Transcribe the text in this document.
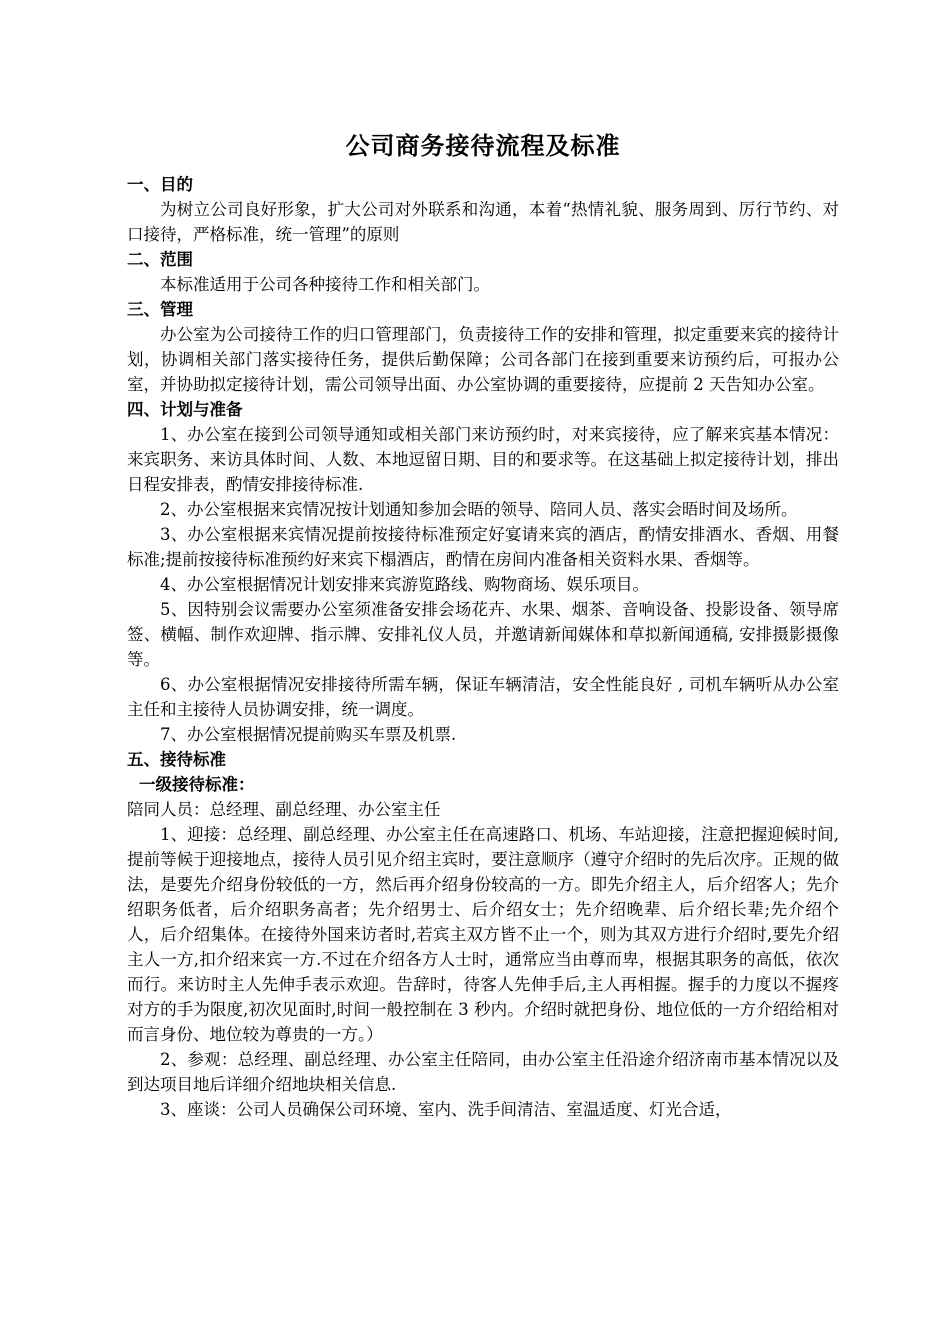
公司商务接待流程及标准
一、目的
为树立公司良好形象，扩大公司对外联系和沟通，本着“热情礼貌、服务周到、厉行节约、对口接待，严格标准，统一管理”的原则
二、范围
本标准适用于公司各种接待工作和相关部门。
三、管理
办公室为公司接待工作的归口管理部门，负责接待工作的安排和管理，拟定重要来宾的接待计划，协调相关部门落实接待任务，提供后勤保障；公司各部门在接到重要来访预约后，可报办公室，并协助拟定接待计划，需公司领导出面、办公室协调的重要接待，应提前 2 天告知办公室。
四、计划与准备
1、办公室在接到公司领导通知或相关部门来访预约时，对来宾接待，应了解来宾基本情况：来宾职务、来访具体时间、人数、本地逗留日期、目的和要求等。在这基础上拟定接待计划，排出日程安排表，酌情安排接待标准.
2、办公室根据来宾情况按计划通知参加会晤的领导、陪同人员、落实会晤时间及场所。
3、办公室根据来宾情况提前按接待标准预定好宴请来宾的酒店，酌情安排酒水、香烟、用餐标准;提前按接待标准预约好来宾下榻酒店，酌情在房间内准备相关资料水果、香烟等。
4、办公室根据情况计划安排来宾游览路线、购物商场、娱乐项目。
5、因特别会议需要办公室须准备安排会场花卉、水果、烟茶、音响设备、投影设备、领导席签、横幅、制作欢迎牌、指示牌、安排礼仪人员，并邀请新闻媒体和草拟新闻通稿, 安排摄影摄像等。
6、办公室根据情况安排接待所需车辆，保证车辆清洁，安全性能良好 , 司机车辆听从办公室主任和主接待人员协调安排，统一调度。
7、办公室根据情况提前购买车票及机票.
五、接待标准
一级接待标准：
陪同人员：总经理、副总经理、办公室主任
1、迎接：总经理、副总经理、办公室主任在高速路口、机场、车站迎接，注意把握迎候时间,提前等候于迎接地点，接待人员引见介绍主宾时，要注意顺序（遵守介绍时的先后次序。正规的做法，是要先介绍身份较低的一方，然后再介绍身份较高的一方。即先介绍主人，后介绍客人；先介绍职务低者，后介绍职务高者；先介绍男士、后介绍女士；先介绍晚辈、后介绍长辈;先介绍个人，后介绍集体。在接待外国来访者时,若宾主双方皆不止一个，则为其双方进行介绍时,要先介绍主人一方,扣介绍来宾一方.不过在介绍各方人士时，通常应当由尊而卑，根据其职务的高低，依次而行。来访时主人先伸手表示欢迎。告辞时，待客人先伸手后,主人再相握。握手的力度以不握疼对方的手为限度,初次见面时,时间一般控制在 3 秒内。介绍时就把身份、地位低的一方介绍给相对而言身份、地位较为尊贵的一方。）
2、参观：总经理、副总经理、办公室主任陪同，由办公室主任沿途介绍济南市基本情况以及到达项目地后详细介绍地块相关信息.
3、座谈：公司人员确保公司环境、室内、洗手间清洁、室温适度、灯光合适，
